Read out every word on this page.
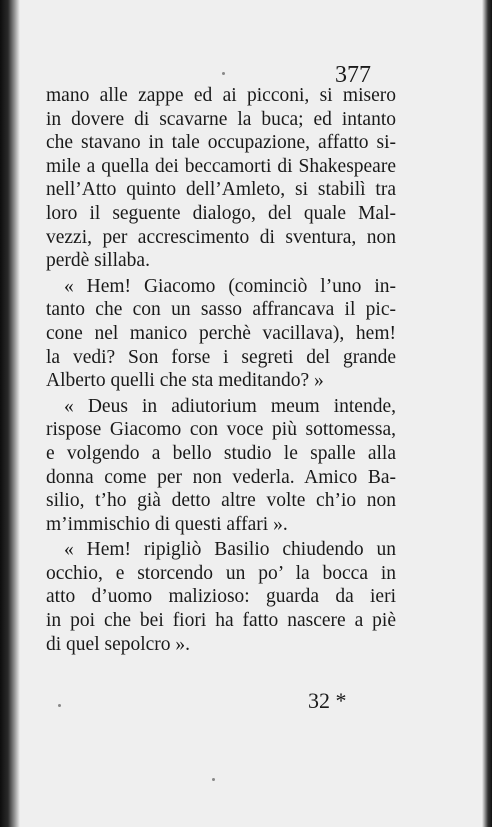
377
mano alle zappe ed ai picconi, si misero
in dovere di scavarne la buca; ed intanto
che stavano in tale occupazione, affatto si-
mile a quella dei beccamorti di Shakespeare
nell’Atto quinto dell’Amleto, si stabilì tra
loro il seguente dialogo, del quale Mal-
vezzi, per accrescimento di sventura, non
perdè sillaba.
« Hem! Giacomo (cominciò l’uno in-
tanto che con un sasso affrancava il pic-
cone nel manico perchè vacillava), hem!
la vedi? Son forse i segreti del grande
Alberto quelli che sta meditando? »
« Deus in adiutorium meum intende,
rispose Giacomo con voce più sottomessa,
e volgendo a bello studio le spalle alla
donna come per non vederla. Amico Ba-
silio, t’ho già detto altre volte ch’io non
m’immischio di questi affari ».
« Hem! ripigliò Basilio chiudendo un
occhio, e storcendo un po’ la bocca in
atto d’uomo malizioso: guarda da ieri
in poi che bei fiori ha fatto nascere a piè
di quel sepolcro ».
32 *
